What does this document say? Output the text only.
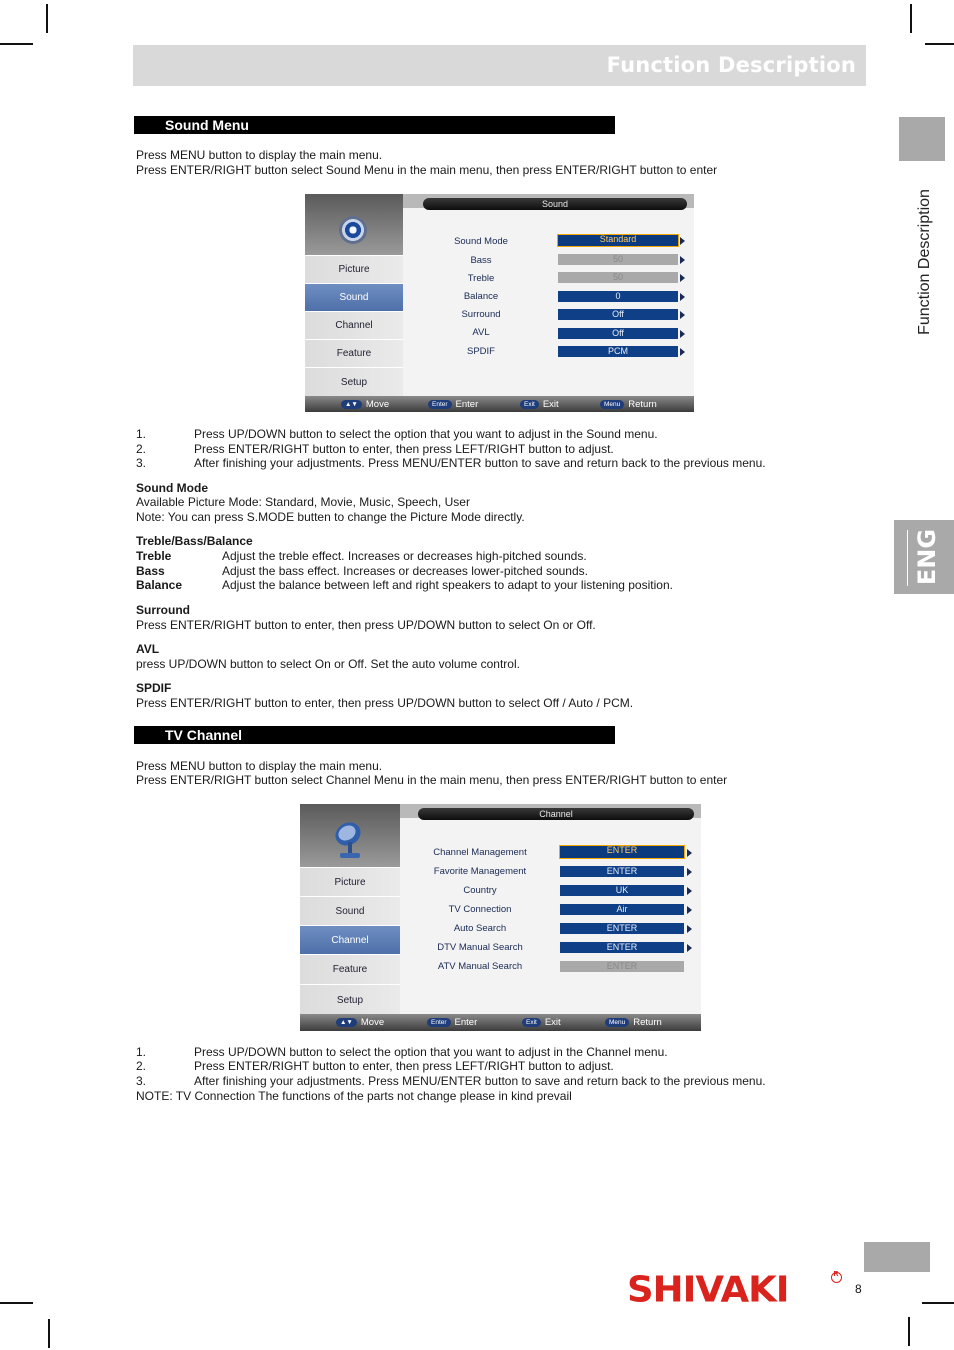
Function Description
Function Description
ENG
Sound Menu
Press MENU button to display the main menu.
Press ENTER/RIGHT button select Sound Menu in the main menu, then press ENTER/RIGHT button to enter
Sound
Picture
Sound
Channel
Feature
Setup
Sound Mode	Standard
Bass	50
Treble	50
Balance	0
Surround	Off
AVL	Off
SPDIF	PCM
▲▼ Move	Enter Enter	Exit Exit	Menu Return
1.	Press UP/DOWN button to select the option that you want to adjust in the Sound menu.
2.	Press ENTER/RIGHT button to enter, then press LEFT/RIGHT button to adjust.
3.	After finishing your adjustments. Press MENU/ENTER button to save and return back to the previous menu.
Sound Mode
Available Picture Mode: Standard, Movie, Music, Speech, User
Note: You can press S.MODE butten to change the Picture Mode directly.
Treble/Bass/Balance
Treble	Adjust the treble effect. Increases or decreases high-pitched sounds.
Bass	Adjust the bass effect. Increases or decreases lower-pitched sounds.
Balance	Adjust the balance between left and right speakers to adapt to your listening position.
Surround
Press ENTER/RIGHT button to enter, then press UP/DOWN button to select On or Off.
AVL
press UP/DOWN button to select On or Off. Set the auto volume control.
SPDIF
Press ENTER/RIGHT button to enter, then press UP/DOWN button to select Off / Auto / PCM.
TV Channel
Press MENU button to display the main menu.
Press ENTER/RIGHT button select Channel Menu in the main menu, then press ENTER/RIGHT button to enter
Channel
Picture
Sound
Channel
Feature
Setup
Channel Management	ENTER
Favorite Management	ENTER
Country	UK
TV Connection	Air
Auto Search	ENTER
DTV Manual Search	ENTER
ATV Manual Search	ENTER
▲▼ Move	Enter Enter	Exit Exit	Menu Return
1.	Press UP/DOWN button to select the option that you want to adjust in the Channel menu.
2.	Press ENTER/RIGHT button to enter, then press LEFT/RIGHT button to adjust.
3.	After finishing your adjustments. Press MENU/ENTER button to save and return back to the previous menu.
NOTE: TV Connection The functions of the parts not change please in kind prevail
SHIVAKI	R
8
